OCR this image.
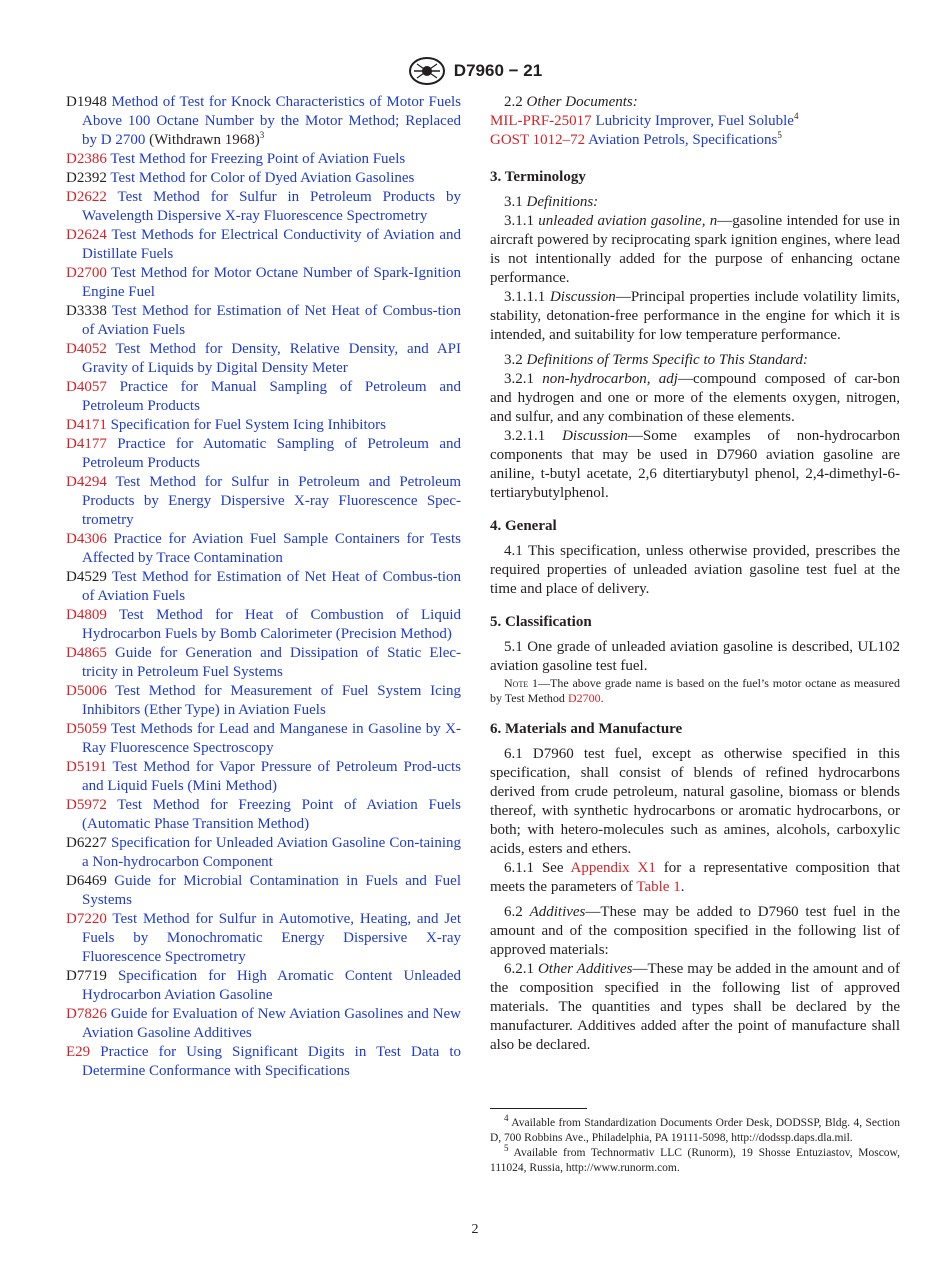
D7960 − 21

D1948 Method of Test for Knock Characteristics of Motor Fuels Above 100 Octane Number by the Motor Method; Replaced by D 2700 (Withdrawn 1968)$^3$

D2386 Test Method for Freezing Point of Aviation Fuels

D2392 Test Method for Color of Dyed Aviation Gasolines

D2622 Test Method for Sulfur in Petroleum Products by Wavelength Dispersive X-ray Fluorescence Spectrometry

D2624 Test Methods for Electrical Conductivity of Aviation and Distillate Fuels

D2700 Test Method for Motor Octane Number of Spark-Ignition Engine Fuel

D3338 Test Method for Estimation of Net Heat of Combus-tion of Aviation Fuels

D4052 Test Method for Density, Relative Density, and API Gravity of Liquids by Digital Density Meter

D4057 Practice for Manual Sampling of Petroleum and Petroleum Products

D4171 Specification for Fuel System Icing Inhibitors

D4177 Practice for Automatic Sampling of Petroleum and Petroleum Products

D4294 Test Method for Sulfur in Petroleum and Petroleum Products by Energy Dispersive X-ray Fluorescence Spec-trometry

D4306 Practice for Aviation Fuel Sample Containers for Tests Affected by Trace Contamination

D4529 Test Method for Estimation of Net Heat of Combus-tion of Aviation Fuels

D4809 Test Method for Heat of Combustion of Liquid Hydrocarbon Fuels by Bomb Calorimeter (Precision Method)

D4865 Guide for Generation and Dissipation of Static Elec-tricity in Petroleum Fuel Systems

D5006 Test Method for Measurement of Fuel System Icing Inhibitors (Ether Type) in Aviation Fuels

D5059 Test Methods for Lead and Manganese in Gasoline by X-Ray Fluorescence Spectroscopy

D5191 Test Method for Vapor Pressure of Petroleum Prod-ucts and Liquid Fuels (Mini Method)

D5972 Test Method for Freezing Point of Aviation Fuels (Automatic Phase Transition Method)

D6227 Specification for Unleaded Aviation Gasoline Con-taining a Non-hydrocarbon Component

D6469 Guide for Microbial Contamination in Fuels and Fuel Systems

D7220 Test Method for Sulfur in Automotive, Heating, and Jet Fuels by Monochromatic Energy Dispersive X-ray Fluorescence Spectrometry

D7719 Specification for High Aromatic Content Unleaded Hydrocarbon Aviation Gasoline

D7826 Guide for Evaluation of New Aviation Gasolines and New Aviation Gasoline Additives

E29 Practice for Using Significant Digits in Test Data to Determine Conformance with Specifications

2.2 Other Documents:

MIL-PRF-25017 Lubricity Improver, Fuel Soluble$^4$

GOST 1012–72 Aviation Petrols, Specifications$^5$

3. Terminology

3.1 Definitions:

3.1.1 unleaded aviation gasoline, n—gasoline intended for use in aircraft powered by reciprocating spark ignition engines, where lead is not intentionally added for the purpose of enhancing octane performance.

3.1.1.1 Discussion—Principal properties include volatility limits, stability, detonation-free performance in the engine for which it is intended, and suitability for low temperature performance.

3.2 Definitions of Terms Specific to This Standard:

3.2.1 non-hydrocarbon, adj—compound composed of car-bon and hydrogen and one or more of the elements oxygen, nitrogen, and sulfur, and any combination of these elements.

3.2.1.1 Discussion—Some examples of non-hydrocarbon components that may be used in D7960 aviation gasoline are aniline, t-butyl acetate, 2,6 ditertiarybutyl phenol, 2,4-dimethyl-6-tertiarybutylphenol.

4. General

4.1 This specification, unless otherwise provided, prescribes the required properties of unleaded aviation gasoline test fuel at the time and place of delivery.

5. Classification

5.1 One grade of unleaded aviation gasoline is described, UL102 aviation gasoline test fuel.

Note 1—The above grade name is based on the fuel’s motor octane as measured by Test Method D2700.

6. Materials and Manufacture

6.1 D7960 test fuel, except as otherwise specified in this specification, shall consist of blends of refined hydrocarbons derived from crude petroleum, natural gasoline, biomass or blends thereof, with synthetic hydrocarbons or aromatic hydrocarbons, or both; with hetero-molecules such as amines, alcohols, carboxylic acids, esters and ethers.

6.1.1 See Appendix X1 for a representative composition that meets the parameters of Table 1.

6.2 Additives—These may be added to D7960 test fuel in the amount and of the composition specified in the following list of approved materials:

6.2.1 Other Additives—These may be added in the amount and of the composition specified in the following list of approved materials. The quantities and types shall be declared by the manufacturer. Additives added after the point of manufacture shall also be declared.

$^4$ Available from Standardization Documents Order Desk, DODSSP, Bldg. 4, Section D, 700 Robbins Ave., Philadelphia, PA 19111-5098, http://dodssp.daps.dla.mil.

$^5$ Available from Technormativ LLC (Runorm), 19 Shosse Entuziastov, Moscow, 111024, Russia, http://www.runorm.com.

2
